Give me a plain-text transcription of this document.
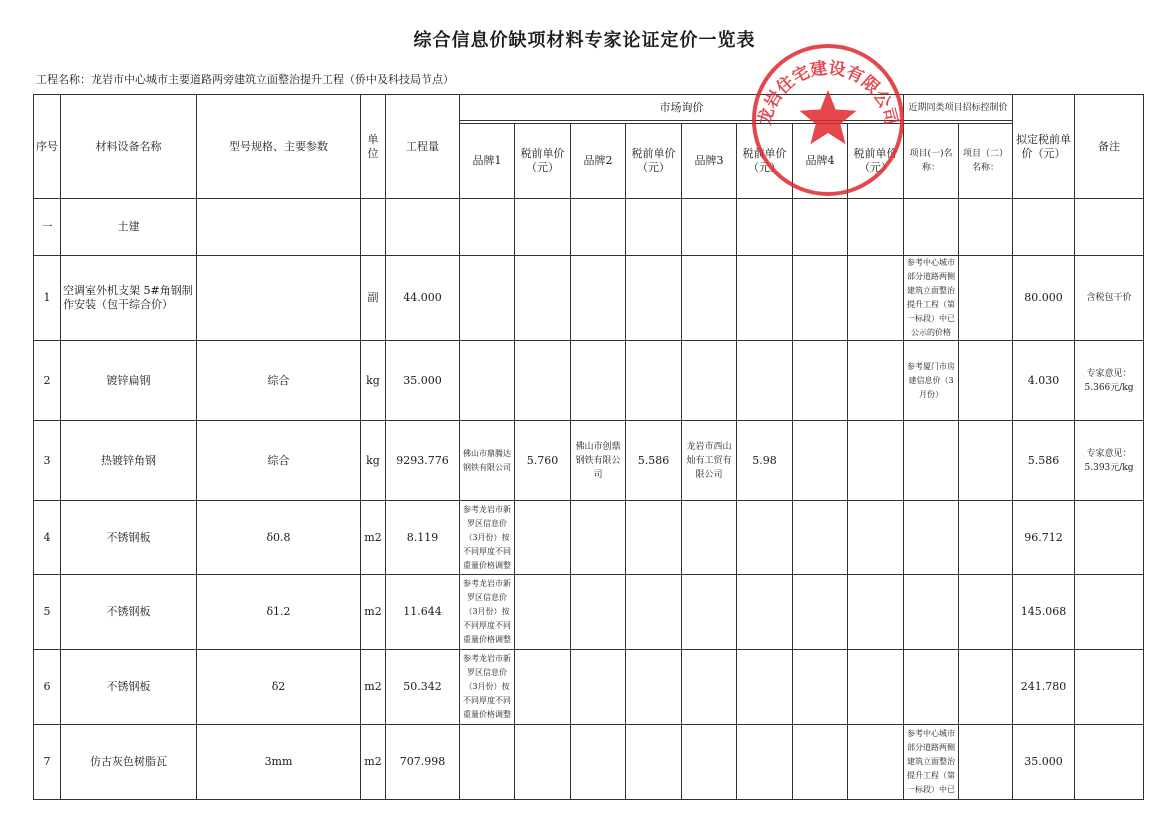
综合信息价缺项材料专家论证定价一览表
工程名称：龙岩市中心城市主要道路两旁建筑立面整治提升工程（侨中及科技局节点）
序号	材料设备名称	型号规格、主要参数	单位	工程量	市场询价								近期同类项目招标控制价		拟定税前单价（元）	备注

					品牌1	税前单价（元）	品牌2	税前单价（元）	品牌3	税前单价（元）	品牌4	税前单价（元）	项目(一)名称：	项目（二）名称：		
一	土建															
1	空调室外机支架 5#角钢制作安装（包干综合价）		副	44.000									参考中心城市部分道路两侧建筑立面整治提升工程（第一标段）中已公示的价格		80.000	含税包干价
2	镀锌扁钢	综合	kg	35.000									参考厦门市房建信息价（3月份）		4.030	专家意见：5.366元/kg
3	热镀锌角钢	综合	kg	9293.776	佛山市鼎腾达钢铁有限公司	5.760	佛山市创鼎钢铁有限公司	5.586	龙岩市西山灿有工贸有限公司	5.98					5.586	专家意见：5.393元/kg
4	不锈钢板	δ0.8	m2	8.119	参考龙岩市新罗区信息价（3月份）按不同厚度不同重量价格调整										96.712	
5	不锈钢板	δ1.2	m2	11.644	参考龙岩市新罗区信息价（3月份）按不同厚度不同重量价格调整										145.068	
6	不锈钢板	δ2	m2	50.342	参考龙岩市新罗区信息价（3月份）按不同厚度不同重量价格调整										241.780	
7	仿古灰色树脂瓦	3mm	m2	707.998									参考中心城市部分道路两侧建筑立面整治提升工程（第一标段）中已		35.000	
龙岩住宅建设有限公司
